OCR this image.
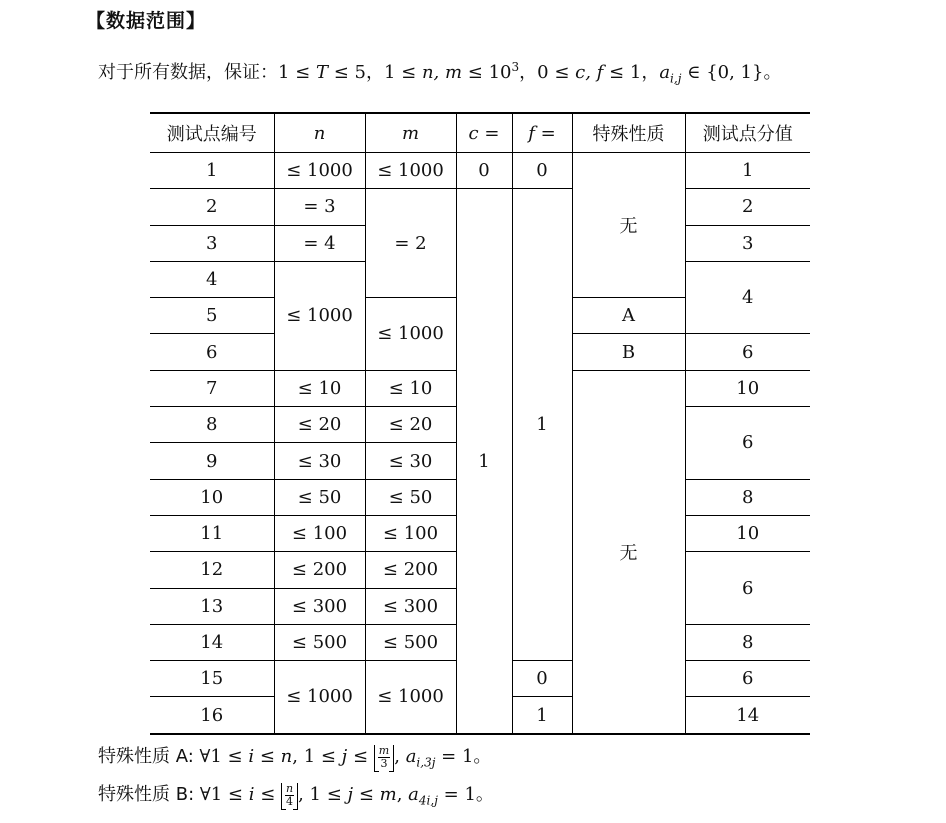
【数据范围】
对于所有数据，保证：1 ≤ T ≤ 5，1 ≤ n, $m \le 10^3$，0 ≤ c, f ≤ 1，$a_{i,j}$ ∈ {0, 1}。
测试点编号	n	m	c =	f =	特殊性质	测试点分值
1	≤ 1000	≤ 1000	0	0	无	1
2	= 3	= 2	1	1		2
3	= 4					3
4	≤ 1000					4
5		≤ 1000			A	
6					B	6
7	≤ 10	≤ 10			无	10
8	≤ 20	≤ 20				6
9	≤ 30	≤ 30				
10	≤ 50	≤ 50				8
11	≤ 100	≤ 100				10
12	≤ 200	≤ 200				6
13	≤ 300	≤ 300				
14	≤ 500	≤ 500				8
15	≤ 1000	≤ 1000		0		6
16				1		14
特殊性质 A: ∀1 ≤ i ≤ n, $1 \le j \le \frac{m}{3}$ , $a_{i,3j} = 1$。
特殊性质 B: ∀1 ≤ $i \le \frac{n}{4}$ , 1 ≤ j ≤ m, $a_{4i,j} = 1$。
